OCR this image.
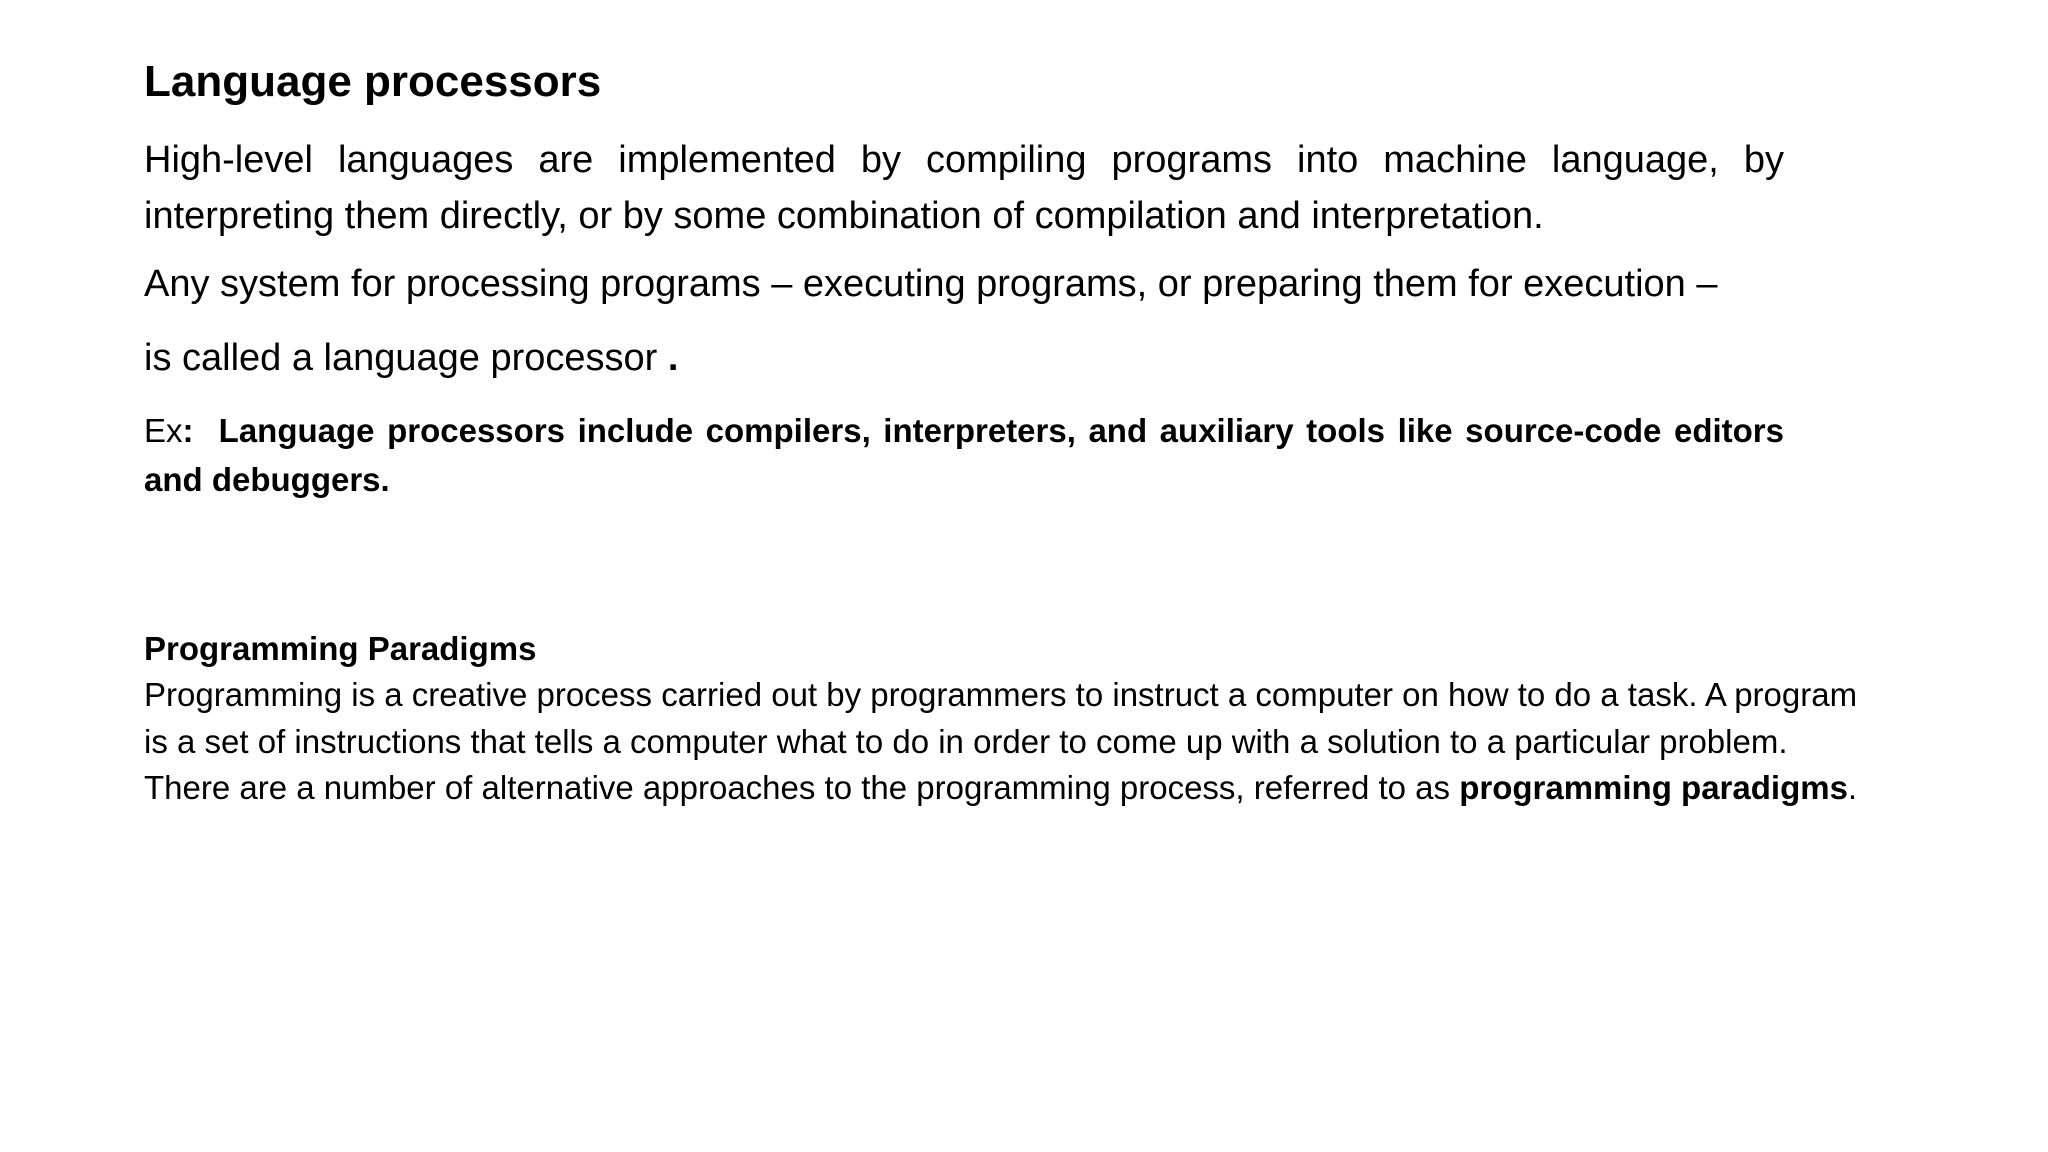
Language processors

High-level languages are implemented by compiling programs into machine language, by interpreting them directly, or by some combination of compilation and interpretation.

Any system for processing programs – executing programs, or preparing them for execution –

is called a language processor .

Ex: Language processors include compilers, interpreters, and auxiliary tools like source-code editors and debuggers.

Programming Paradigms

Programming is a creative process carried out by programmers to instruct a computer on how to do a task. A program is a set of instructions that tells a computer what to do in order to come up with a solution to a particular problem. There are a number of alternative approaches to the programming process, referred to as programming paradigms.
